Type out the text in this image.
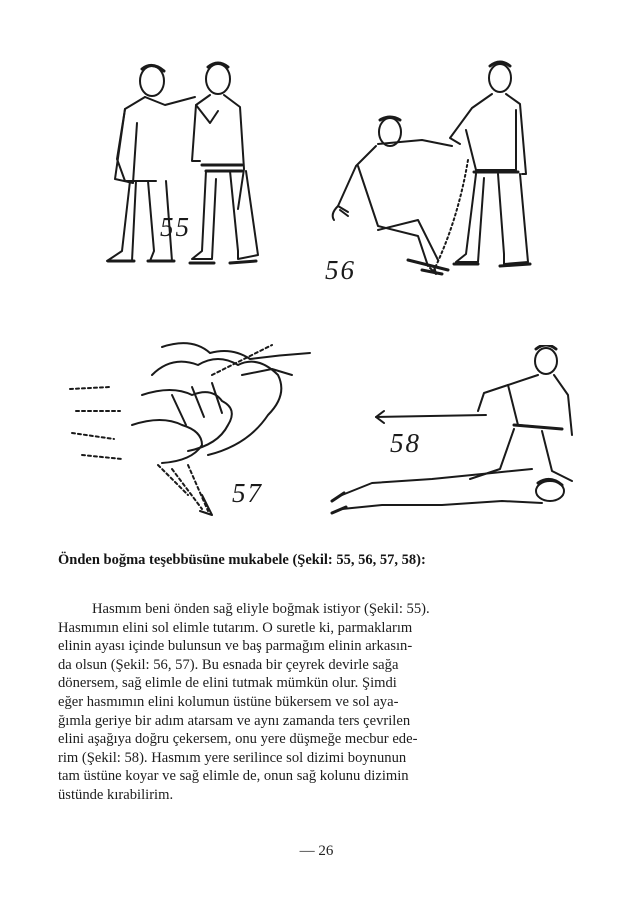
55
56
57
58
Önden boğma teşebbüsüne mukabele (Şekil: 55, 56, 57, 58):
Hasmım beni önden sağ eliyle boğmak istiyor (Şekil: 55).
Hasmımın elini sol elimle tutarım. O suretle ki, parmaklarım
elinin ayası içinde bulunsun ve baş parmağım elinin arkasın-
da olsun (Şekil: 56, 57). Bu esnada bir çeyrek devirle sağa
dönersem, sağ elimle de elini tutmak mümkün olur. Şimdi
eğer hasmımın elini kolumun üstüne bükersem ve sol aya-
ğımla geriye bir adım atarsam ve aynı zamanda ters çevrilen
elini aşağıya doğru çekersem, onu yere düşmeğe mecbur ede-
rim (Şekil: 58). Hasmım yere serilince sol dizimi boynunun
tam üstüne koyar ve sağ elimle de, onun sağ kolunu dizimin
üstünde kırabilirim.
— 26
